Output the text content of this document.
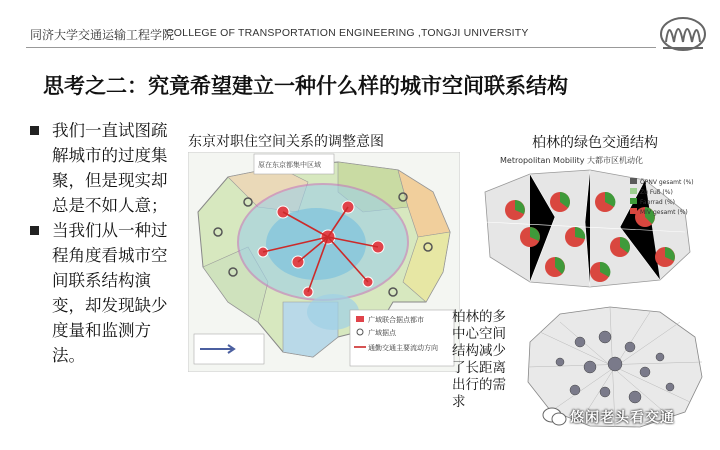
同济大学交通运输工程学院
COLLEGE OF TRANSPORTATION ENGINEERING ,TONGJI UNIVERSITY
思考之二：究竟希望建立一种什么样的城市空间联系结构

我们一直试图疏解城市的过度集聚，但是现实却总是不如人意；

当我们从一种过程角度看城市空间联系结构演变，却发现缺少度量和监测方法。

东京对职住空间关系的调整意图
原在东京都集中区域
广域联合据点都市
广域据点
通勤交通主要流动方向
柏林的绿色交通结构
Metropolitan Mobility 大都市区机动化
ÖPNV gesamt (%)
Zu Fuß (%)
Fahrrad (%)
MIV gesamt (%)
柏林的多中心空间结构减少了长距离出行的需求
悠闲老头看交通
